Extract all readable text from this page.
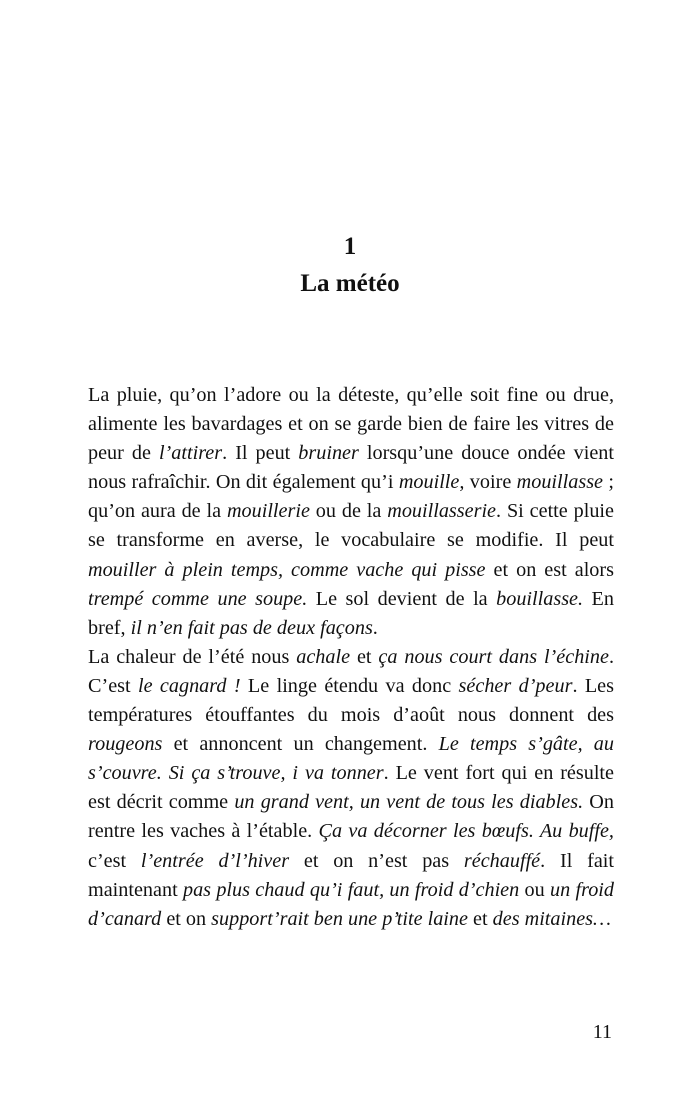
1
La météo

La pluie, qu’on l’adore ou la déteste, qu’elle soit fine ou drue, alimente les bavardages et on se garde bien de faire les vitres de peur de l’attirer. Il peut bruiner lorsqu’une douce ondée vient nous rafraîchir. On dit également qu’i mouille, voire mouillasse ; qu’on aura de la mouillerie ou de la mouillasserie. Si cette pluie se transforme en averse, le vocabulaire se modifie. Il peut mouiller à plein temps, comme vache qui pisse et on est alors trempé comme une soupe. Le sol devient de la bouillasse. En bref, il n’en fait pas de deux façons.

La chaleur de l’été nous achale et ça nous court dans l’échine. C’est le cagnard ! Le linge étendu va donc sécher d’peur. Les températures étouffantes du mois d’août nous donnent des rougeons et annoncent un changement. Le temps s’gâte, au s’couvre. Si ça s’trouve, i va tonner. Le vent fort qui en résulte est décrit comme un grand vent, un vent de tous les diables. On rentre les vaches à l’étable. Ça va décorner les bœufs. Au buffe, c’est l’entrée d’l’hiver et on n’est pas réchauffé. Il fait maintenant pas plus chaud qu’i faut, un froid d’chien ou un froid d’canard et on support’rait ben une p’tite laine et des mitaines…

11
